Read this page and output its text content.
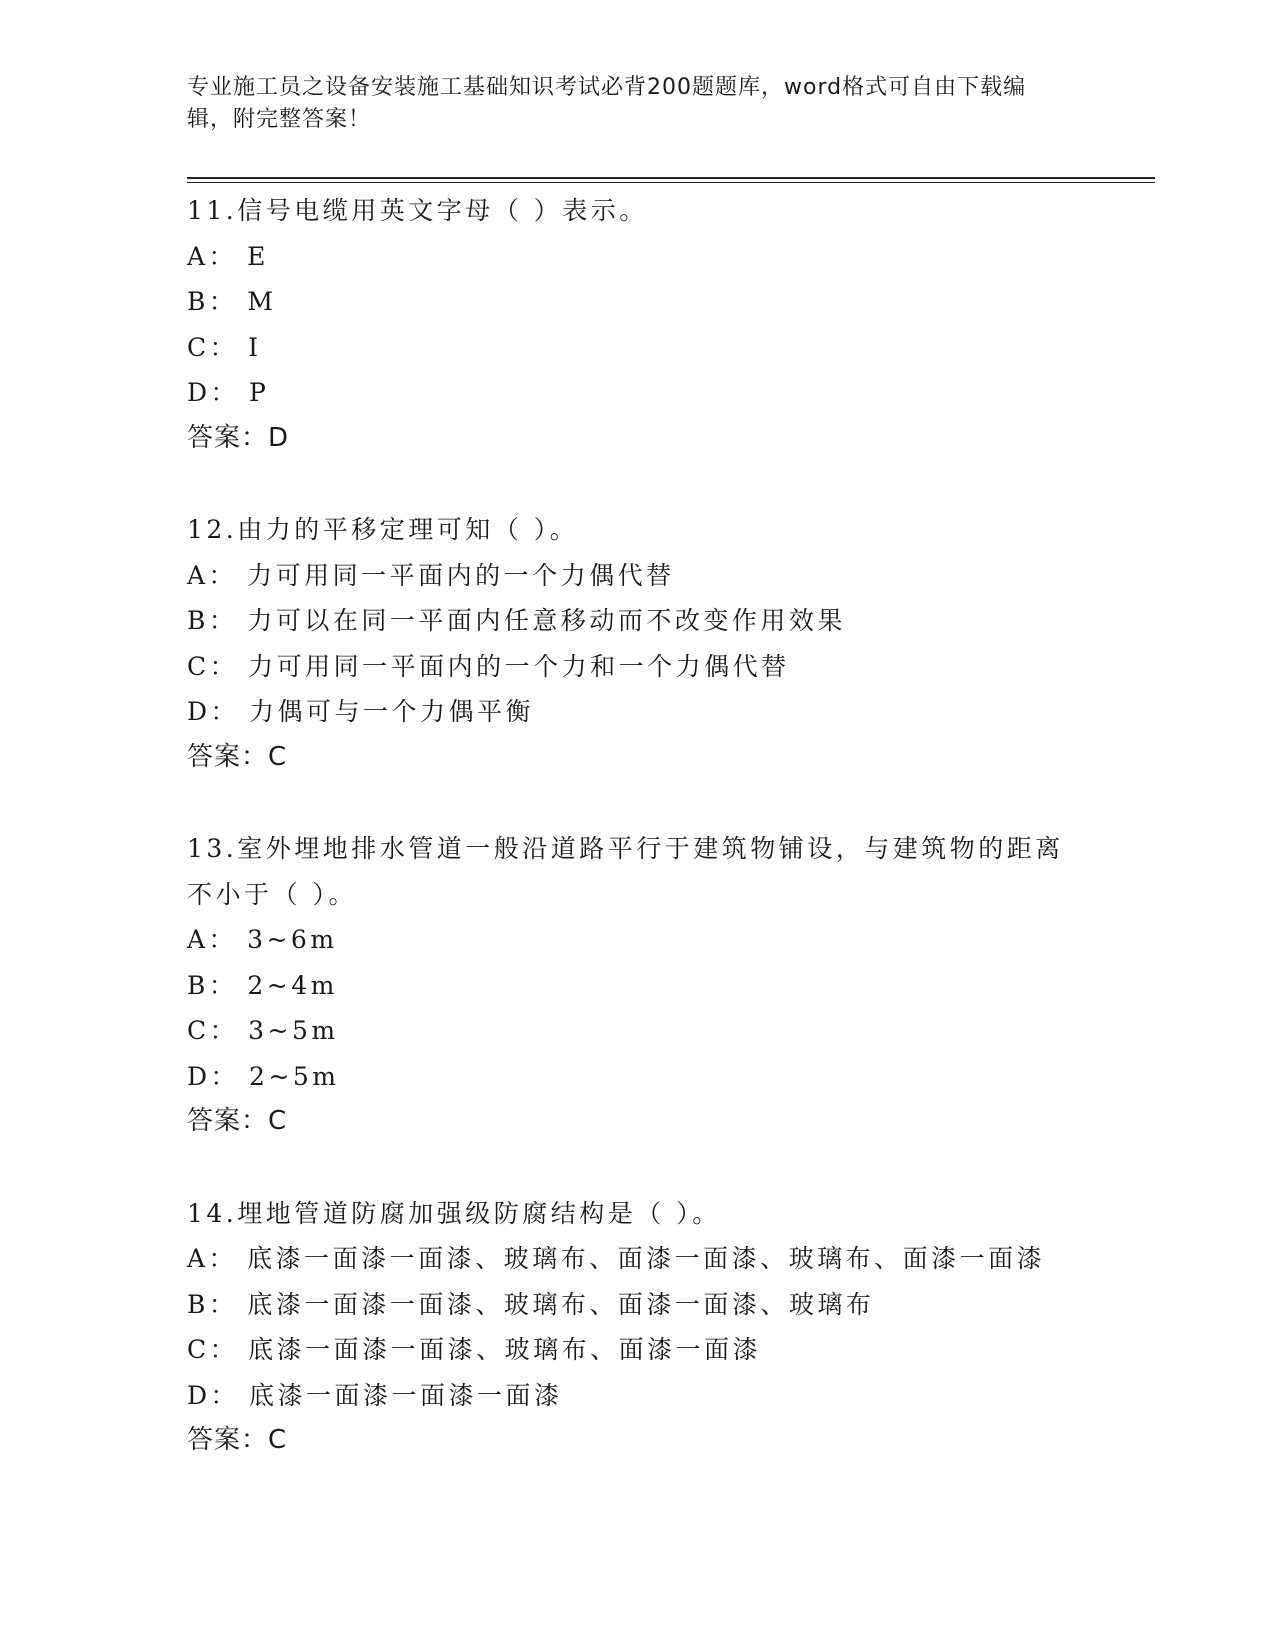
专业施工员之设备安装施工基础知识考试必背200题题库，word格式可自由下载编辑，附完整答案！
11.信号电缆用英文字母（ ）表示。
A： E
B： M
C： I
D： P
答案：D
12.由力的平移定理可知（ ）。
A： 力可用同一平面内的一个力偶代替
B： 力可以在同一平面内任意移动而不改变作用效果
C： 力可用同一平面内的一个力和一个力偶代替
D： 力偶可与一个力偶平衡
答案：C
13.室外埋地排水管道一般沿道路平行于建筑物铺设，与建筑物的距离不小于（ ）。
A： 3~6m
B： 2~4m
C： 3~5m
D： 2~5m
答案：C
14.埋地管道防腐加强级防腐结构是（ ）。
A： 底漆一面漆一面漆、玻璃布、面漆一面漆、玻璃布、面漆一面漆
B： 底漆一面漆一面漆、玻璃布、面漆一面漆、玻璃布
C： 底漆一面漆一面漆、玻璃布、面漆一面漆
D： 底漆一面漆一面漆一面漆
答案：C
